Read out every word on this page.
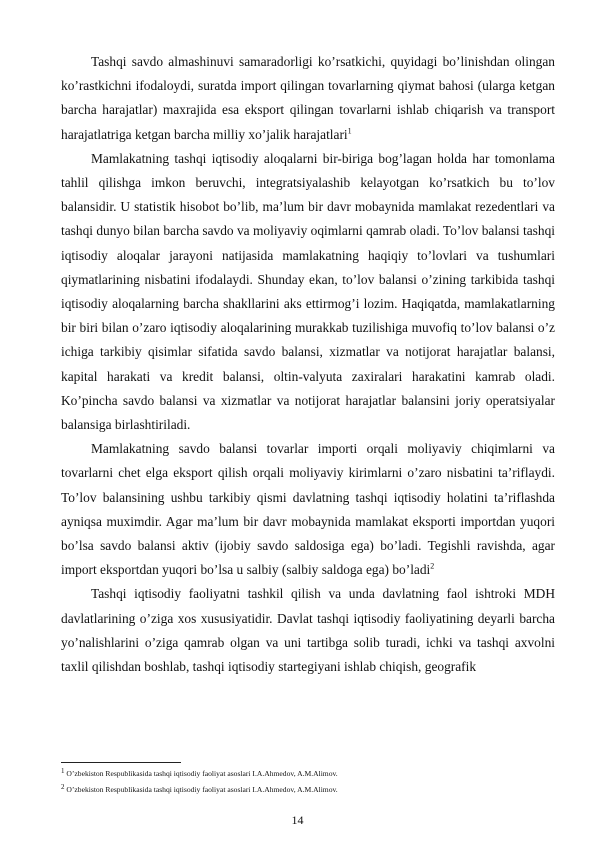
Tashqi savdo almashinuvi samaradorligi ko’rsatkichi, quyidagi bo’linishdan olingan ko’rastkichni ifodaloydi, suratda import qilingan tovarlarning qiymat bahosi (ularga ketgan barcha harajatlar) maxrajida esa eksport qilingan tovarlarni ishlab chiqarish va transport harajatlatriga ketgan barcha milliy xo’jalik harajatlari$^1$

Mamlakatning tashqi iqtisodiy aloqalarni bir-biriga bog’lagan holda har tomonlama tahlil qilishga imkon beruvchi, integratsiyalashib kelayotgan ko’rsatkich bu to’lov balansidir. U statistik hisobot bo’lib, ma’lum bir davr mobaynida mamlakat rezedentlari va tashqi dunyo bilan barcha savdo va moliyaviy oqimlarni qamrab oladi. To’lov balansi tashqi iqtisodiy aloqalar jarayoni natijasida mamlakatning haqiqiy to’lovlari va tushumlari qiymatlarining nisbatini ifodalaydi. Shunday ekan, to’lov balansi o’zining tarkibida tashqi iqtisodiy aloqalarning barcha shakllarini aks ettirmog’i lozim. Haqiqatda, mamlakatlarning bir biri bilan o’zaro iqtisodiy aloqalarining murakkab tuzilishiga muvofiq to’lov balansi o’z ichiga tarkibiy qisimlar sifatida savdo balansi, xizmatlar va notijorat harajatlar balansi, kapital harakati va kredit balansi, oltin-valyuta zaxiralari harakatini kamrab oladi. Ko’pincha savdo balansi va xizmatlar va notijorat harajatlar balansini joriy operatsiyalar balansiga birlashtiriladi.

Mamlakatning savdo balansi tovarlar importi orqali moliyaviy chiqimlarni va tovarlarni chet elga eksport qilish orqali moliyaviy kirimlarni o’zaro nisbatini ta’riflaydi. To’lov balansining ushbu tarkibiy qismi davlatning tashqi iqtisodiy holatini ta’riflashda ayniqsa muximdir. Agar ma’lum bir davr mobaynida mamlakat eksporti importdan yuqori bo’lsa savdo balansi aktiv (ijobiy savdo saldosiga ega) bo’ladi. Tegishli ravishda, agar import eksportdan yuqori bo’lsa u salbiy (salbiy saldoga ega) bo’ladi$^2$

Tashqi iqtisodiy faoliyatni tashkil qilish va unda davlatning faol ishtroki MDH davlatlarining o’ziga xos xususiyatidir. Davlat tashqi iqtisodiy faoliyatining deyarli barcha yo’nalishlarini o’ziga qamrab olgan va uni tartibga solib turadi, ichki va tashqi axvolni taxlil qilishdan boshlab, tashqi iqtisodiy startegiyani ishlab chiqish, geografik

$^1$ O’zbekiston Respublikasida tashqi iqtisodiy faoliyat asoslari I.A.Ahmedov, A.M.Alimov.

$^2$ O’zbekiston Respublikasida tashqi iqtisodiy faoliyat asoslari I.A.Ahmedov, A.M.Alimov.

14
